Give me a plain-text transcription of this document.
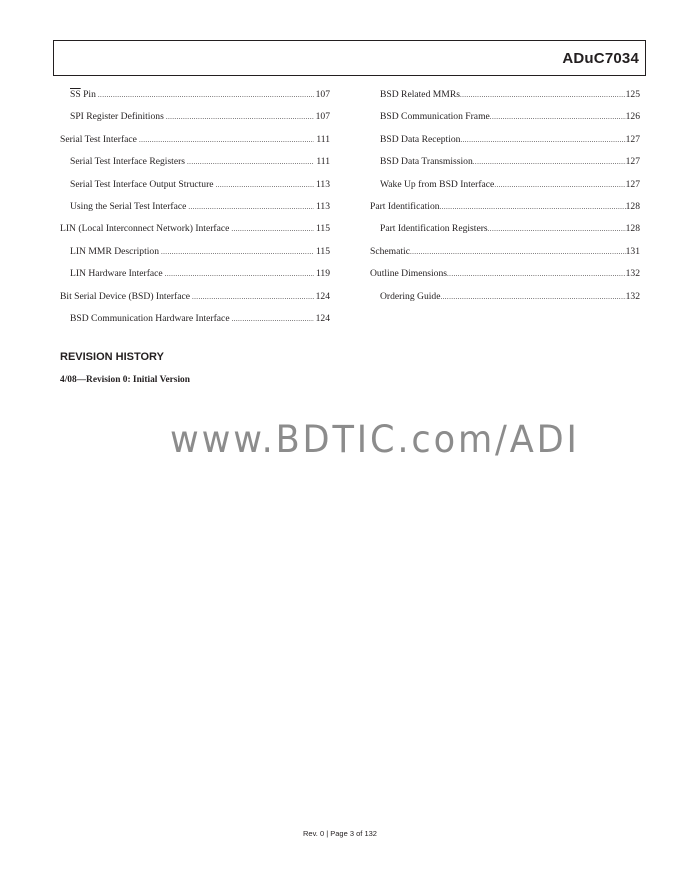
ADuC7034
$\overline{SS}$ Pin .....	107
SPI Register Definitions .....	107
Serial Test Interface .....	111
Serial Test Interface Registers .....	111
Serial Test Interface Output Structure .....	113
Using the Serial Test Interface .....	113
LIN (Local Interconnect Network) Interface .....	115
LIN MMR Description .....	115
LIN Hardware Interface .....	119
Bit Serial Device (BSD) Interface .....	124
BSD Communication Hardware Interface .....	124
BSD Related MMRs .....	125
BSD Communication Frame .....	126
BSD Data Reception .....	127
BSD Data Transmission .....	127
Wake Up from BSD Interface .....	127
Part Identification .....	128
Part Identification Registers .....	128
Schematic .....	131
Outline Dimensions .....	132
Ordering Guide .....	132
REVISION HISTORY
4/08—Revision 0: Initial Version
www.BDTIC.com/ADI
Rev. 0 | Page 3 of 132
